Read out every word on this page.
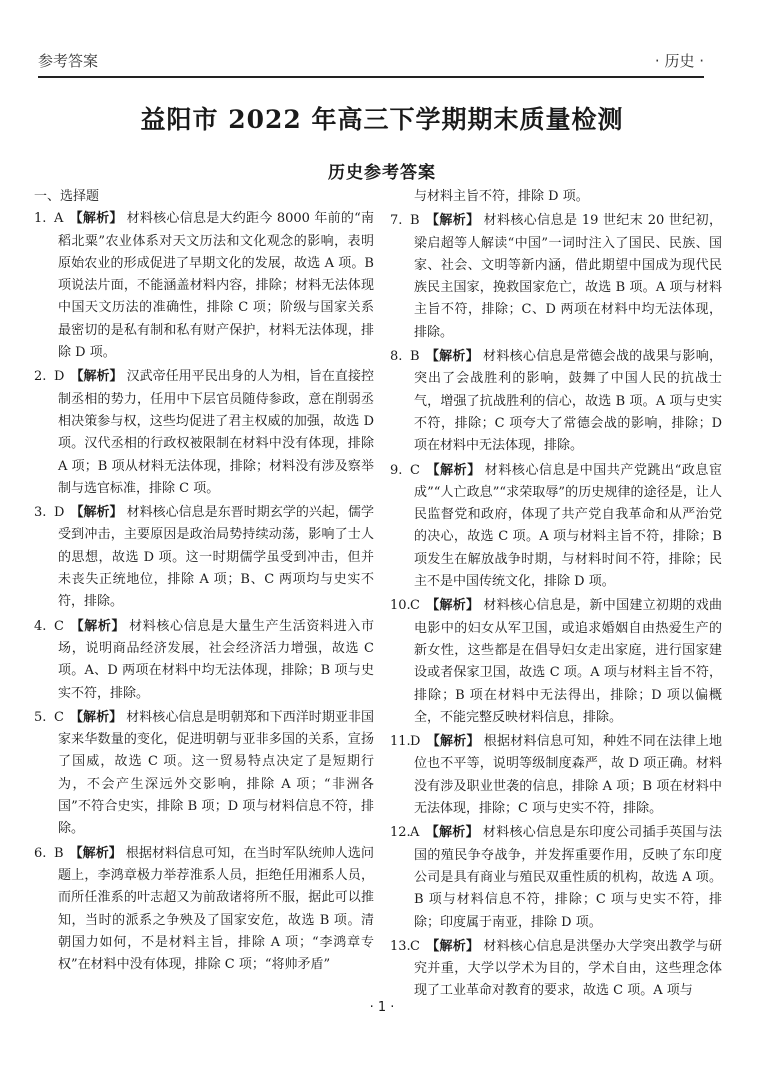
参考答案	· 历史 ·
益阳市 2022 年高三下学期期末质量检测
历史参考答案
一、选择题
1. A 【解析】 材料核心信息是大约距今 8000 年前的“南稻北粟”农业体系对天文历法和文化观念的影响，表明原始农业的形成促进了早期文化的发展，故选 A 项。B 项说法片面，不能涵盖材料内容，排除；材料无法体现中国天文历法的准确性，排除 C 项；阶级与国家关系最密切的是私有制和私有财产保护，材料无法体现，排除 D 项。
2. D 【解析】 汉武帝任用平民出身的人为相，旨在直接控制丞相的势力，任用中下层官员随侍参政，意在削弱丞相决策参与权，这些均促进了君主权威的加强，故选 D 项。汉代丞相的行政权被限制在材料中没有体现，排除 A 项；B 项从材料无法体现，排除；材料没有涉及察举制与选官标准，排除 C 项。
3. D 【解析】 材料核心信息是东晋时期玄学的兴起，儒学受到冲击，主要原因是政治局势持续动荡，影响了士人的思想，故选 D 项。这一时期儒学虽受到冲击，但并未丧失正统地位，排除 A 项；B、C 两项均与史实不符，排除。
4. C 【解析】 材料核心信息是大量生产生活资料进入市场，说明商品经济发展，社会经济活力增强，故选 C 项。A、D 两项在材料中均无法体现，排除；B 项与史实不符，排除。
5. C 【解析】 材料核心信息是明朝郑和下西洋时期亚非国家来华数量的变化，促进明朝与亚非多国的关系，宣扬了国威，故选 C 项。这一贸易特点决定了是短期行为，不会产生深远外交影响，排除 A 项；“非洲各国”不符合史实，排除 B 项；D 项与材料信息不符，排除。
6. B 【解析】 根据材料信息可知，在当时军队统帅人选问题上，李鸿章极力举荐淮系人员，拒绝任用湘系人员，而所任淮系的叶志超又为前敌诸将所不服，据此可以推知，当时的派系之争殃及了国家安危，故选 B 项。清朝国力如何，不是材料主旨，排除 A 项；“李鸿章专权”在材料中没有体现，排除 C 项；“将帅矛盾”
与材料主旨不符，排除 D 项。
7. B 【解析】 材料核心信息是 19 世纪末 20 世纪初，梁启超等人解读“中国”一词时注入了国民、民族、国家、社会、文明等新内涵，借此期望中国成为现代民族民主国家，挽救国家危亡，故选 B 项。A 项与材料主旨不符，排除；C、D 两项在材料中均无法体现，排除。
8. B 【解析】 材料核心信息是常德会战的战果与影响，突出了会战胜利的影响，鼓舞了中国人民的抗战士气，增强了抗战胜利的信心，故选 B 项。A 项与史实不符，排除；C 项夸大了常德会战的影响，排除；D 项在材料中无法体现，排除。
9. C 【解析】 材料核心信息是中国共产党跳出“政息宦成”“人亡政息”“求荣取辱”的历史规律的途径是，让人民监督党和政府，体现了共产党自我革命和从严治党的决心，故选 C 项。A 项与材料主旨不符，排除；B 项发生在解放战争时期，与材料时间不符，排除；民主不是中国传统文化，排除 D 项。
10.C 【解析】 材料核心信息是，新中国建立初期的戏曲电影中的妇女从军卫国，或追求婚姻自由热爱生产的新女性，这些都是在倡导妇女走出家庭，进行国家建设或者保家卫国，故选 C 项。A 项与材料主旨不符，排除；B 项在材料中无法得出，排除；D 项以偏概全，不能完整反映材料信息，排除。
11.D 【解析】 根据材料信息可知，种姓不同在法律上地位也不平等，说明等级制度森严，故 D 项正确。材料没有涉及职业世袭的信息，排除 A 项；B 项在材料中无法体现，排除；C 项与史实不符，排除。
12.A 【解析】 材料核心信息是东印度公司插手英国与法国的殖民争夺战争，并发挥重要作用，反映了东印度公司是具有商业与殖民双重性质的机构，故选 A 项。B 项与材料信息不符，排除；C 项与史实不符，排除；印度属于南亚，排除 D 项。
13.C 【解析】 材料核心信息是洪堡办大学突出教学与研究并重，大学以学术为目的，学术自由，这些理念体现了工业革命对教育的要求，故选 C 项。A 项与
· 1 ·
